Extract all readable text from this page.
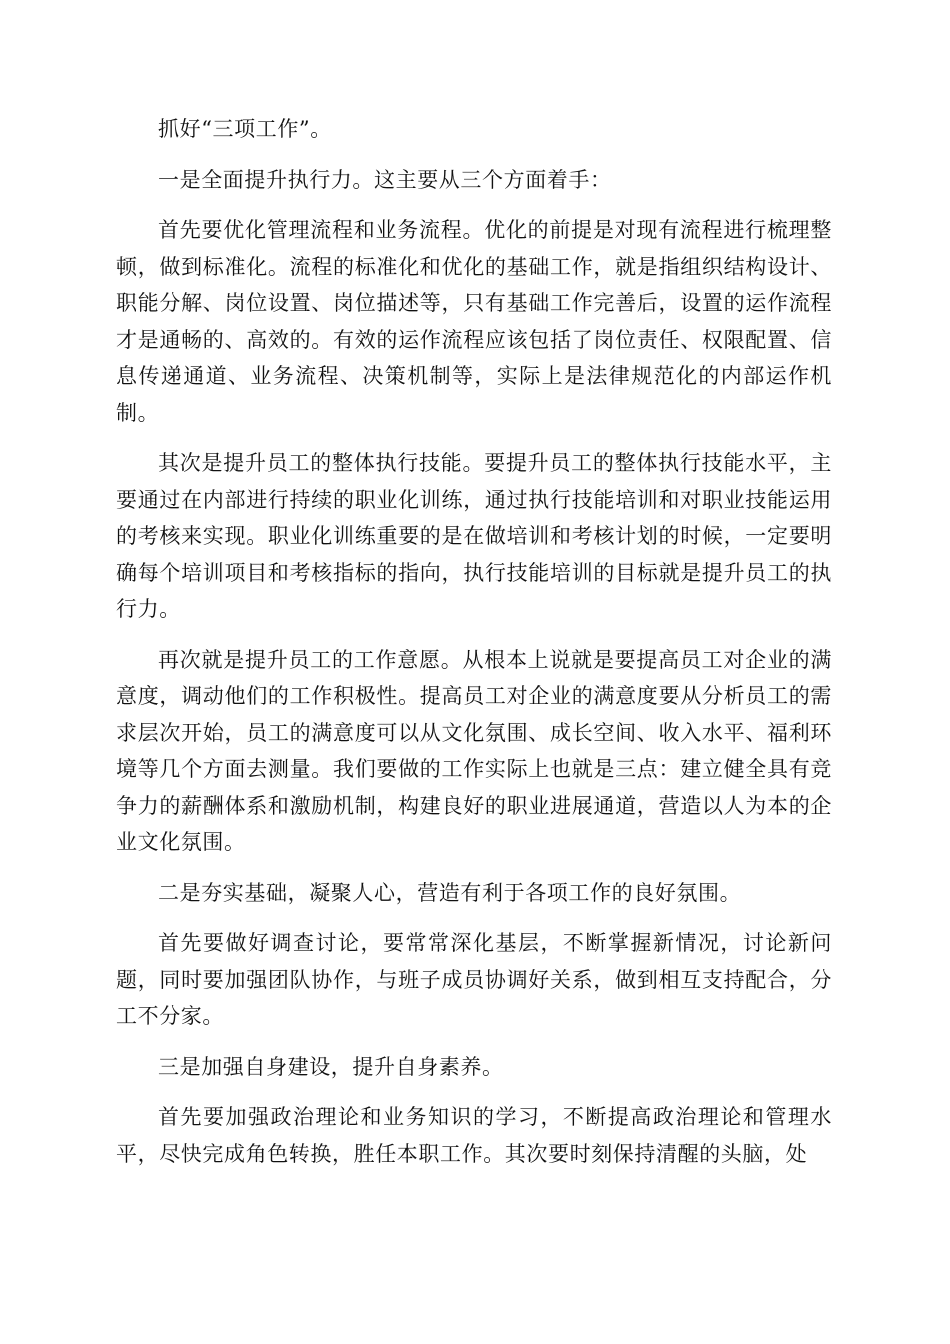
抓好“三项工作”。

一是全面提升执行力。这主要从三个方面着手：

首先要优化管理流程和业务流程。优化的前提是对现有流程进行梳理整顿，做到标准化。流程的标准化和优化的基础工作，就是指组织结构设计、职能分解、岗位设置、岗位描述等，只有基础工作完善后，设置的运作流程才是通畅的、高效的。有效的运作流程应该包括了岗位责任、权限配置、信息传递通道、业务流程、决策机制等，实际上是法律规范化的内部运作机制。

其次是提升员工的整体执行技能。要提升员工的整体执行技能水平，主要通过在内部进行持续的职业化训练，通过执行技能培训和对职业技能运用的考核来实现。职业化训练重要的是在做培训和考核计划的时候，一定要明确每个培训项目和考核指标的指向，执行技能培训的目标就是提升员工的执行力。

再次就是提升员工的工作意愿。从根本上说就是要提高员工对企业的满意度，调动他们的工作积极性。提高员工对企业的满意度要从分析员工的需求层次开始，员工的满意度可以从文化氛围、成长空间、收入水平、福利环境等几个方面去测量。我们要做的工作实际上也就是三点：建立健全具有竞争力的薪酬体系和激励机制，构建良好的职业进展通道，营造以人为本的企业文化氛围。

二是夯实基础，凝聚人心，营造有利于各项工作的良好氛围。

首先要做好调查讨论，要常常深化基层，不断掌握新情况，讨论新问题，同时要加强团队协作，与班子成员协调好关系，做到相互支持配合，分工不分家。

三是加强自身建设，提升自身素养。

首先要加强政治理论和业务知识的学习，不断提高政治理论和管理水平，尽快完成角色转换，胜任本职工作。其次要时刻保持清醒的头脑，处
